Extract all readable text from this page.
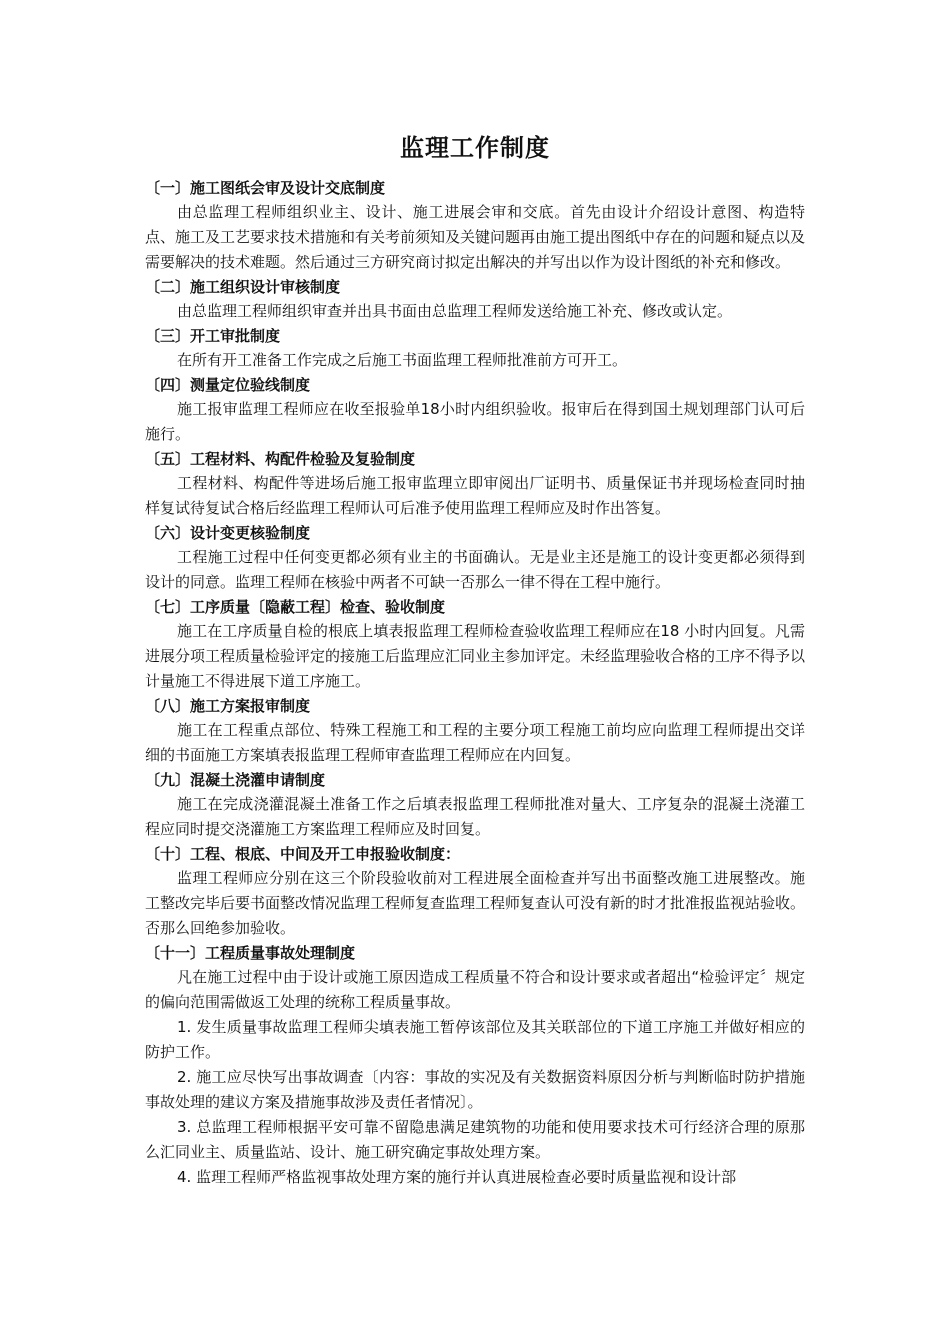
监理工作制度

〔一〕施工图纸会审及设计交底制度

由总监理工程师组织业主、设计、施工进展会审和交底。首先由设计介绍设计意图、构造特点、施工及工艺要求技术措施和有关考前须知及关键问题再由施工提出图纸中存在的问题和疑点以及需要解决的技术难题。然后通过三方研究商讨拟定出解决的并写出以作为设计图纸的补充和修改。

〔二〕施工组织设计审核制度

由总监理工程师组织审查并出具书面由总监理工程师发送给施工补充、修改或认定。

〔三〕开工审批制度

在所有开工准备工作完成之后施工书面监理工程师批准前方可开工。

〔四〕测量定位验线制度

施工报审监理工程师应在收至报验单18小时内组织验收。报审后在得到国土规划理部门认可后施行。

〔五〕工程材料、构配件检验及复验制度

工程材料、构配件等进场后施工报审监理立即审阅出厂证明书、质量保证书并现场检查同时抽样复试待复试合格后经监理工程师认可后准予使用监理工程师应及时作出答复。

〔六〕设计变更核验制度

工程施工过程中任何变更都必须有业主的书面确认。无是业主还是施工的设计变更都必须得到设计的同意。监理工程师在核验中两者不可缺一否那么一律不得在工程中施行。

〔七〕工序质量〔隐蔽工程〕检查、验收制度

施工在工序质量自检的根底上填表报监理工程师检查验收监理工程师应在18 小时内回复。凡需进展分项工程质量检验评定的接施工后监理应汇同业主参加评定。未经监理验收合格的工序不得予以计量施工不得进展下道工序施工。

〔八〕施工方案报审制度

施工在工程重点部位、特殊工程施工和工程的主要分项工程施工前均应向监理工程师提出交详细的书面施工方案填表报监理工程师审查监理工程师应在内回复。

〔九〕混凝土浇灌申请制度

施工在完成浇灌混凝土准备工作之后填表报监理工程师批准对量大、工序复杂的混凝土浇灌工程应同时提交浇灌施工方案监理工程师应及时回复。

〔十〕工程、根底、中间及开工申报验收制度：

监理工程师应分别在这三个阶段验收前对工程进展全面检查并写出书面整改施工进展整改。施工整改完毕后要书面整改情况监理工程师复查监理工程师复查认可没有新的时才批准报监视站验收。否那么回绝参加验收。

〔十一〕工程质量事故处理制度

凡在施工过程中由于设计或施工原因造成工程质量不符合和设计要求或者超出“检验评定〞规定的偏向范围需做返工处理的统称工程质量事故。

1. 发生质量事故监理工程师尖填表施工暂停该部位及其关联部位的下道工序施工并做好相应的防护工作。

2. 施工应尽快写出事故调查〔内容：事故的实况及有关数据资料原因分析与判断临时防护措施事故处理的建议方案及措施事故涉及责任者情况〕。

3. 总监理工程师根据平安可靠不留隐患满足建筑物的功能和使用要求技术可行经济合理的原那么汇同业主、质量监站、设计、施工研究确定事故处理方案。

4. 监理工程师严格监视事故处理方案的施行并认真进展检查必要时质量监视和设计部
